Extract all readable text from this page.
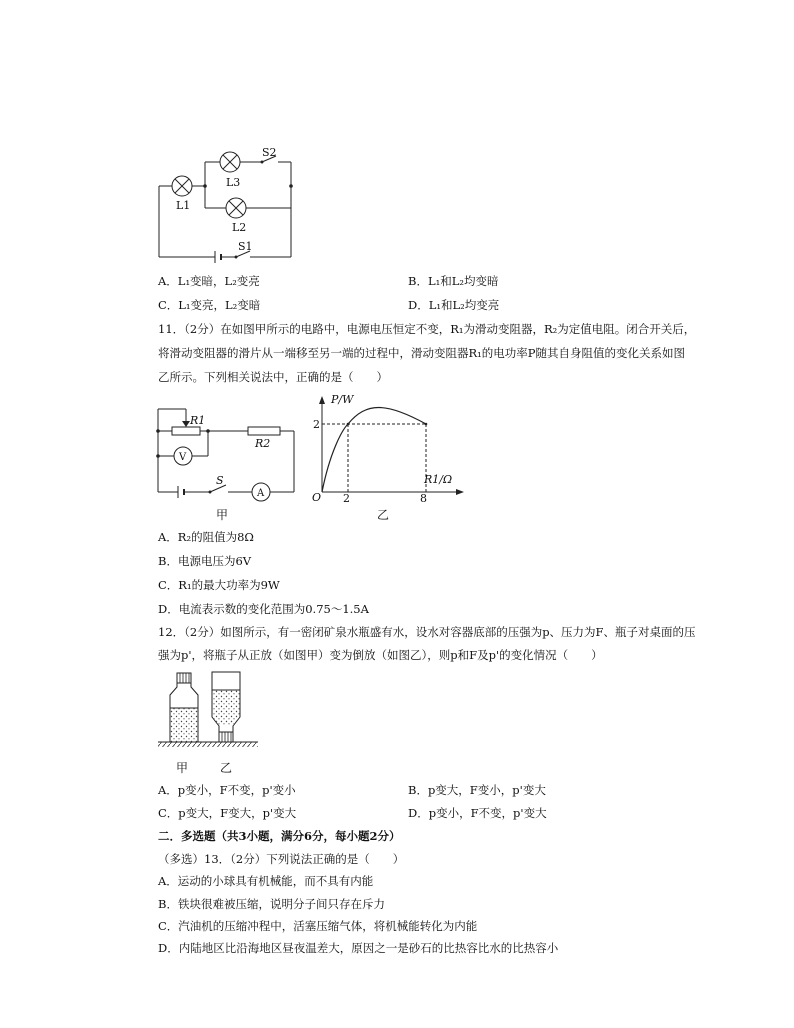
S2
L3
L1
L2
S1
A．L₁变暗，L₂变亮	B．L₁和L₂均变暗
C．L₁变亮，L₂变暗	D．L₁和L₂均变亮
11．（2分）在如图甲所示的电路中，电源电压恒定不变，R₁为滑动变阻器，R₂为定值电阻。闭合开关后，
将滑动变阻器的滑片从一端移至另一端的过程中，滑动变阻器R₁的电功率P随其自身阻值的变化关系如图
乙所示。下列相关说法中，正确的是（　　）
R1
R2
S
V
A
甲
P/W
R1/Ω
O
2
2	8
乙
A．R₂的阻值为8Ω
B．电源电压为6V
C．R₁的最大功率为9W
D．电流表示数的变化范围为0.75～1.5A
12．（2分）如图所示，有一密闭矿泉水瓶盛有水，设水对容器底部的压强为p、压力为F、瓶子对桌面的压
强为p'，将瓶子从正放（如图甲）变为倒放（如图乙），则p和F及p'的变化情况（　　）
甲	乙
A．p变小，F不变，p'变小	B．p变大，F变小，p'变大
C．p变大，F变大，p'变大	D．p变小，F不变，p'变大
二．多选题（共3小题，满分6分，每小题2分）
（多选）13．（2分）下列说法正确的是（　　）
A．运动的小球具有机械能，而不具有内能
B．铁块很难被压缩，说明分子间只存在斥力
C．汽油机的压缩冲程中，活塞压缩气体，将机械能转化为内能
D．内陆地区比沿海地区昼夜温差大，原因之一是砂石的比热容比水的比热容小
